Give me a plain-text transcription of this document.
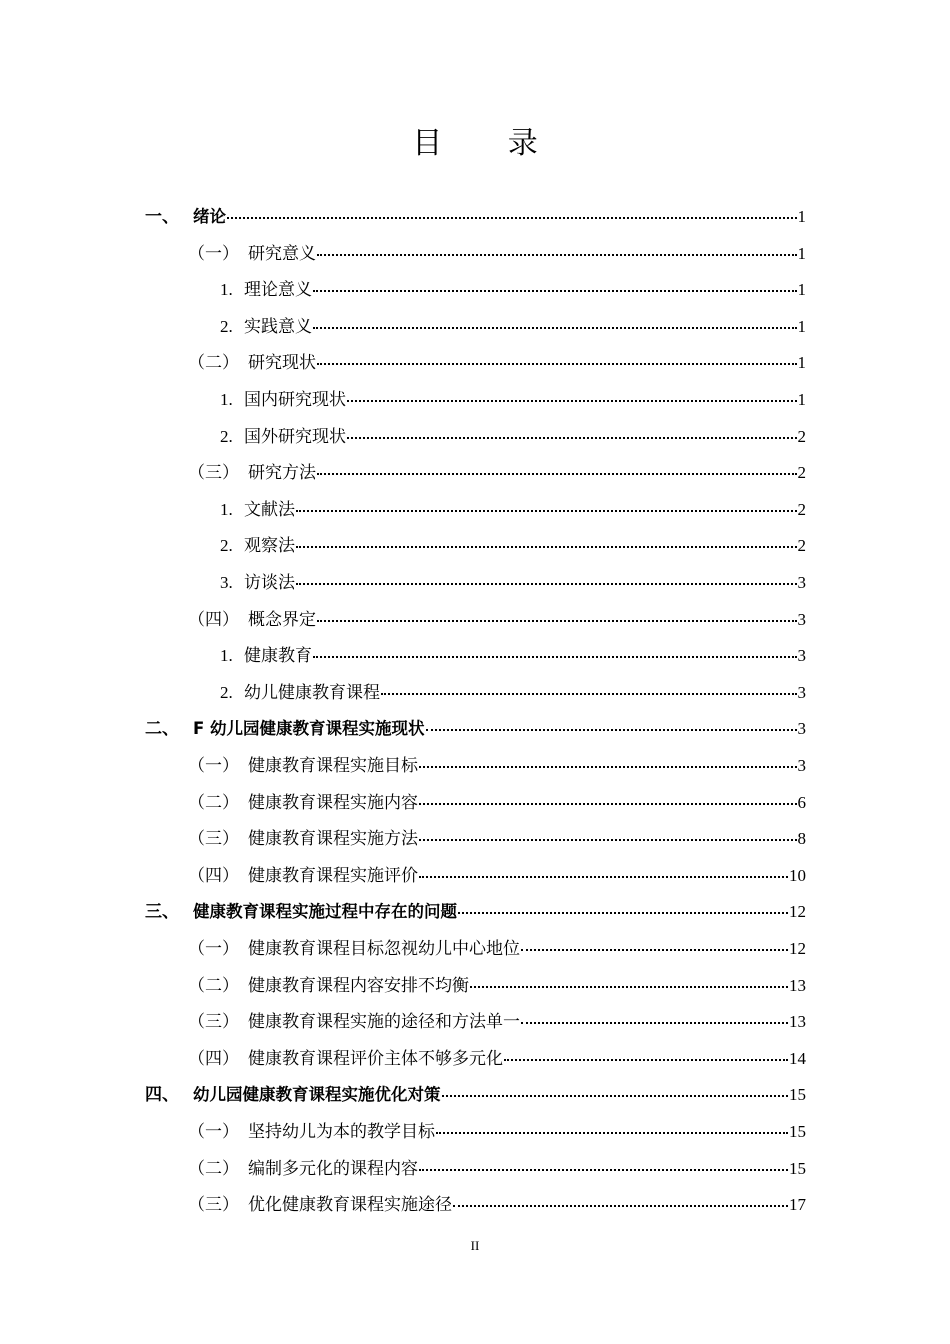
目 录
一、 绪论	1
（一） 研究意义	1
1. 理论意义	1
2. 实践意义	1
（二） 研究现状	1
1. 国内研究现状	1
2. 国外研究现状	2
（三） 研究方法	2
1. 文献法	2
2. 观察法	2
3. 访谈法	3
（四） 概念界定	3
1. 健康教育	3
2. 幼儿健康教育课程	3
二、 F 幼儿园健康教育课程实施现状	3
（一） 健康教育课程实施目标	3
（二） 健康教育课程实施内容	6
（三） 健康教育课程实施方法	8
（四） 健康教育课程实施评价	10
三、 健康教育课程实施过程中存在的问题	12
（一） 健康教育课程目标忽视幼儿中心地位	12
（二） 健康教育课程内容安排不均衡	13
（三） 健康教育课程实施的途径和方法单一	13
（四） 健康教育课程评价主体不够多元化	14
四、 幼儿园健康教育课程实施优化对策	15
（一） 坚持幼儿为本的教学目标	15
（二） 编制多元化的课程内容	15
（三） 优化健康教育课程实施途径	17
II
